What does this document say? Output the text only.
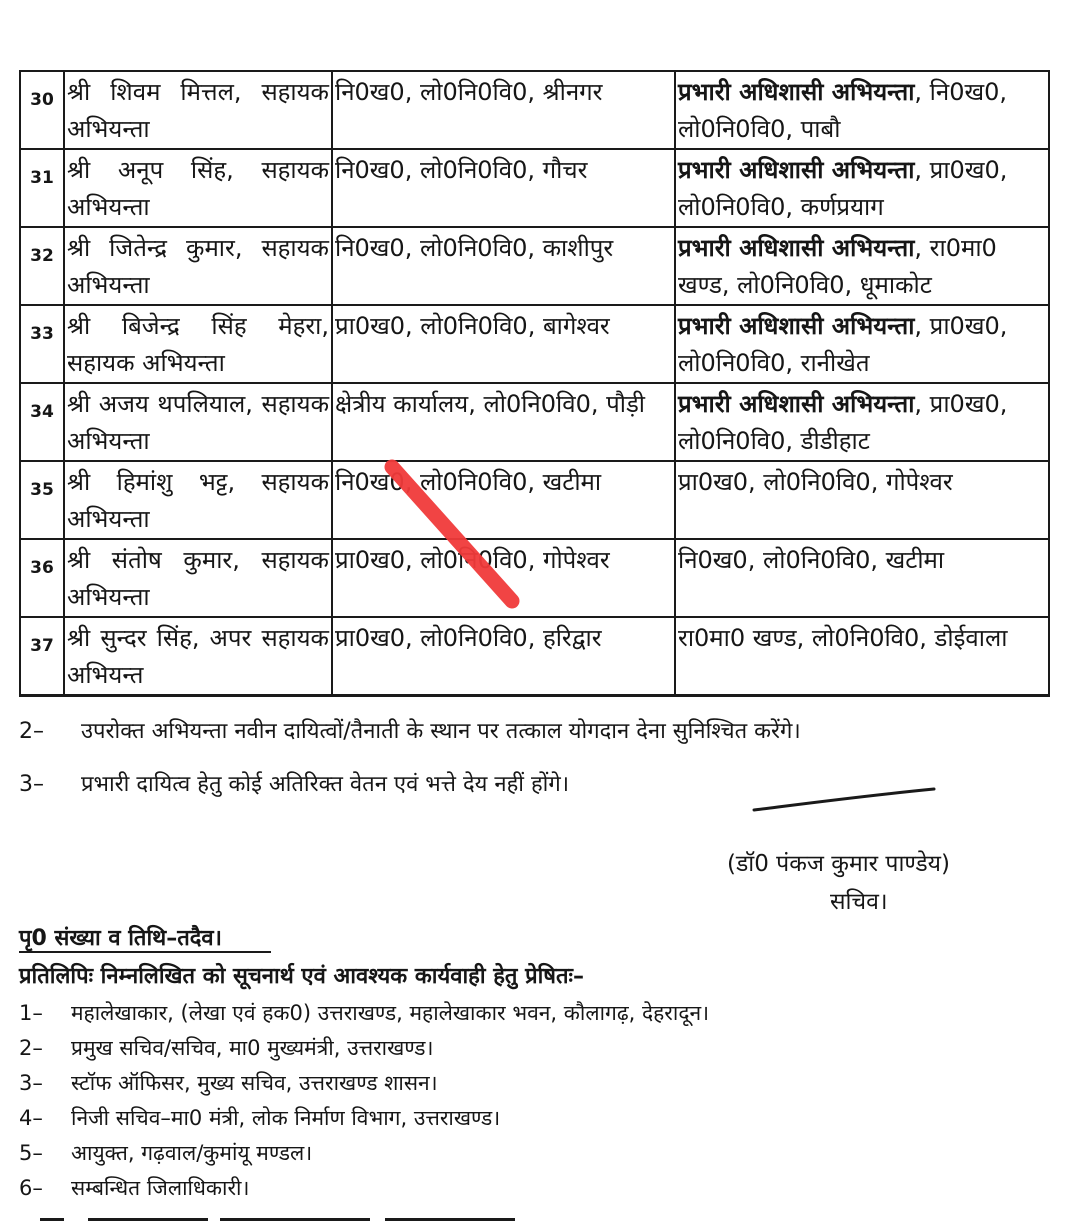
30	श्री शिवम मित्तल, सहायक अभियन्ता	नि0ख0, लो0नि0वि0, श्रीनगर	प्रभारी अधिशासी अभियन्ता, नि0ख0, लो0नि0वि0, पाबौ
31	श्री अनूप सिंह, सहायक अभियन्ता	नि0ख0, लो0नि0वि0, गौचर	प्रभारी अधिशासी अभियन्ता, प्रा0ख0, लो0नि0वि0, कर्णप्रयाग
32	श्री जितेन्द्र कुमार, सहायक अभियन्ता	नि0ख0, लो0नि0वि0, काशीपुर	प्रभारी अधिशासी अभियन्ता, रा0मा0 खण्ड, लो0नि0वि0, धूमाकोट
33	श्री बिजेन्द्र सिंह मेहरा, सहायक अभियन्ता	प्रा0ख0, लो0नि0वि0, बागेश्वर	प्रभारी अधिशासी अभियन्ता, प्रा0ख0, लो0नि0वि0, रानीखेत
34	श्री अजय थपलियाल, सहायक अभियन्ता	क्षेत्रीय कार्यालय, लो0नि0वि0, पौड़ी	प्रभारी अधिशासी अभियन्ता, प्रा0ख0, लो0नि0वि0, डीडीहाट
35	श्री हिमांशु भट्ट, सहायक अभियन्ता	नि0ख0, लो0नि0वि0, खटीमा	प्रा0ख0, लो0नि0वि0, गोपेश्वर
36	श्री संतोष कुमार, सहायक अभियन्ता	प्रा0ख0, लो0नि0वि0, गोपेश्वर	नि0ख0, लो0नि0वि0, खटीमा
37	श्री सुन्दर सिंह, अपर सहायक अभियन्त	प्रा0ख0, लो0नि0वि0, हरिद्वार	रा0मा0 खण्ड, लो0नि0वि0, डोईवाला
2– उपरोक्त अभियन्ता नवीन दायित्वों/तैनाती के स्थान पर तत्काल योगदान देना सुनिश्चित करेंगे।
3– प्रभारी दायित्व हेतु कोई अतिरिक्त वेतन एवं भत्ते देय नहीं होंगे।
(डॉ0 पंकज कुमार पाण्डेय)
सचिव।
पृ0 संख्या व तिथि–तदैव।
प्रतिलिपिः निम्नलिखित को सूचनार्थ एवं आवश्यक कार्यवाही हेतु प्रेषितः–
1– महालेखाकार, (लेखा एवं हक0) उत्तराखण्ड, महालेखाकार भवन, कौलागढ़, देहरादून।
2– प्रमुख सचिव/सचिव, मा0 मुख्यमंत्री, उत्तराखण्ड।
3– स्टॉफ ऑफिसर, मुख्य सचिव, उत्तराखण्ड शासन।
4– निजी सचिव–मा0 मंत्री, लोक निर्माण विभाग, उत्तराखण्ड।
5– आयुक्त, गढ़वाल/कुमांयू मण्डल।
6– सम्बन्धित जिलाधिकारी।
